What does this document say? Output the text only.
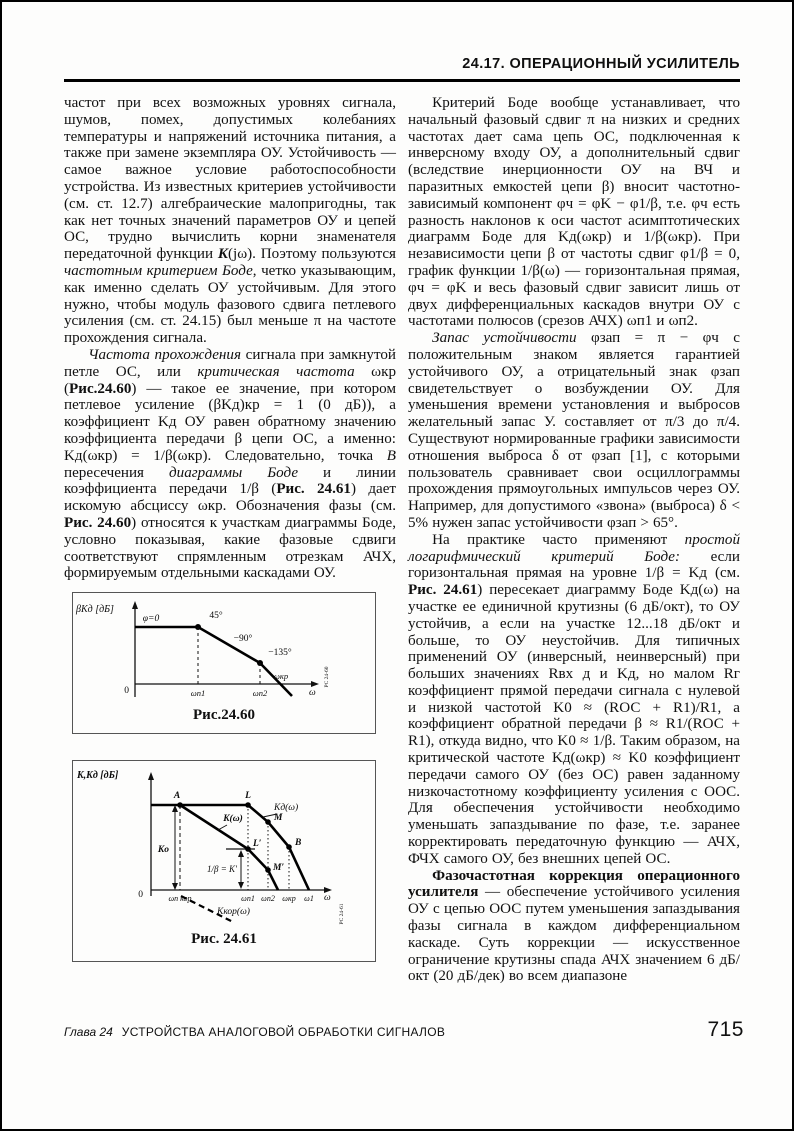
24.17. ОПЕРАЦИОННЫЙ УСИЛИТЕЛЬ

частот при всех возможных уровнях сигнала, шумов, помех, допустимых колебаниях температуры и напряжений источника питания, а также при замене экземпляра ОУ. Устойчивость — самое важное условие работоспособности устройства. Из известных критериев устойчивости (см. ст. 12.7) алгебраические малопригодны, так как нет точных значений параметров ОУ и цепей ОС, трудно вычислить корни знаменателя передаточной функции K(jω). Поэтому пользуются частотным критерием Боде, четко указывающим, как именно сделать ОУ устойчивым. Для этого нужно, чтобы модуль фазового сдвига петлевого усиления (см. ст. 24.15) был меньше π на частоте прохождения сигнала.

Частота прохождения сигнала при замкнутой петле ОС, или критическая частота ωкр (Рис.24.60) — такое ее значение, при котором петлевое усиление (βKд)кр = 1 (0 дБ)), а коэффициент Kд ОУ равен обратному значению коэффициента передачи β цепи ОС, а именно: Kд(ωкр) = 1/β(ωкр). Следовательно, точка B пересечения диаграммы Боде и линии коэффициента передачи 1/β (Рис. 24.61) дает искомую абсциссу ωкр. Обозначения фазы (см. Рис. 24.60) относятся к участкам диаграммы Боде, условно показывая, какие фазовые сдвиги соответствуют спрямленным отрезкам АЧХ, формируемым отдельными каскадами ОУ.

βKд [дБ]
φ=0	45°
−90°
−135°
ωкр
0	ωп1	ωп2	ω
РС 24-60
Рис.24.60
K,Kд [дБ]
A	L
L′
M
M′
B
K(ω)
Kд(ω)
Kкор(ω)
Kо
1/β = K′
0	ωп кор	ωп1 ωп2 ωкр ω1 ω
РС 24-61
Рис. 24.61

Критерий Боде вообще устанавливает, что начальный фазовый сдвиг π на низких и средних частотах дает сама цепь ОС, подключенная к инверсному входу ОУ, а дополнительный сдвиг (вследствие инерционности ОУ на ВЧ и паразитных емкостей цепи β) вносит частотно-зависимый компонент φч = φK − φ1/β, т.е. φч есть разность наклонов к оси частот асимптотических диаграмм Боде для Kд(ωкр) и 1/β(ωкр). При независимости цепи β от частоты сдвиг φ1/β = 0, график функции 1/β(ω) — горизонтальная прямая, φч = φK и весь фазовый сдвиг зависит лишь от двух дифференциальных каскадов внутри ОУ с частотами полюсов (срезов АЧХ) ωп1 и ωп2.

Запас устойчивости φзап = π − φч с положительным знаком является гарантией устойчивого ОУ, а отрицательный знак φзап свидетельствует о возбуждении ОУ. Для уменьшения времени установления и выбросов желательный запас У. составляет от π/3 до π/4. Существуют нормированные графики зависимости отношения выброса δ от φзап [1], с которыми пользователь сравнивает свои осциллограммы прохождения прямоугольных импульсов через ОУ. Например, для допустимого «звона» (выброса) δ < 5% нужен запас устойчивости φзап > 65°.

На практике часто применяют простой логарифмический критерий Боде: если горизонтальная прямая на уровне 1/β = Kд (см. Рис. 24.61) пересекает диаграмму Боде Kд(ω) на участке ее единичной крутизны (6 дБ/окт), то ОУ устойчив, а если на участке 12...18 дБ/окт и больше, то ОУ неустойчив. Для типичных применений ОУ (инверсный, неинверсный) при больших значениях Rвх д и Kд, но малом Rг коэффициент прямой передачи сигнала с нулевой и низкой частотой K0 ≈ (RОС + R1)/R1, а коэффициент обратной передачи β ≈ R1/(RОС + R1), откуда видно, что K0 ≈ 1/β. Таким образом, на критической частоте Kд(ωкр) ≈ K0 коэффициент передачи самого ОУ (без ОС) равен заданному низкочастотному коэффициенту усиления с ООС. Для обеспечения устойчивости необходимо уменьшать запаздывание по фазе, т.е. заранее корректировать передаточную функцию — АЧХ, ФЧХ самого ОУ, без внешних цепей ОС.

Фазочастотная коррекция операционного усилителя — обеспечение устойчивого усиления ОУ с цепью ООС путем уменьшения запаздывания фазы сигнала в каждом дифференциальном каскаде. Суть коррекции — искусственное ограничение крутизны спада АЧХ значением 6 дБ/окт (20 дБ/дек) во всем диапазоне

Глава 24 УСТРОЙСТВА АНАЛОГОВОЙ ОБРАБОТКИ СИГНАЛОВ	715
